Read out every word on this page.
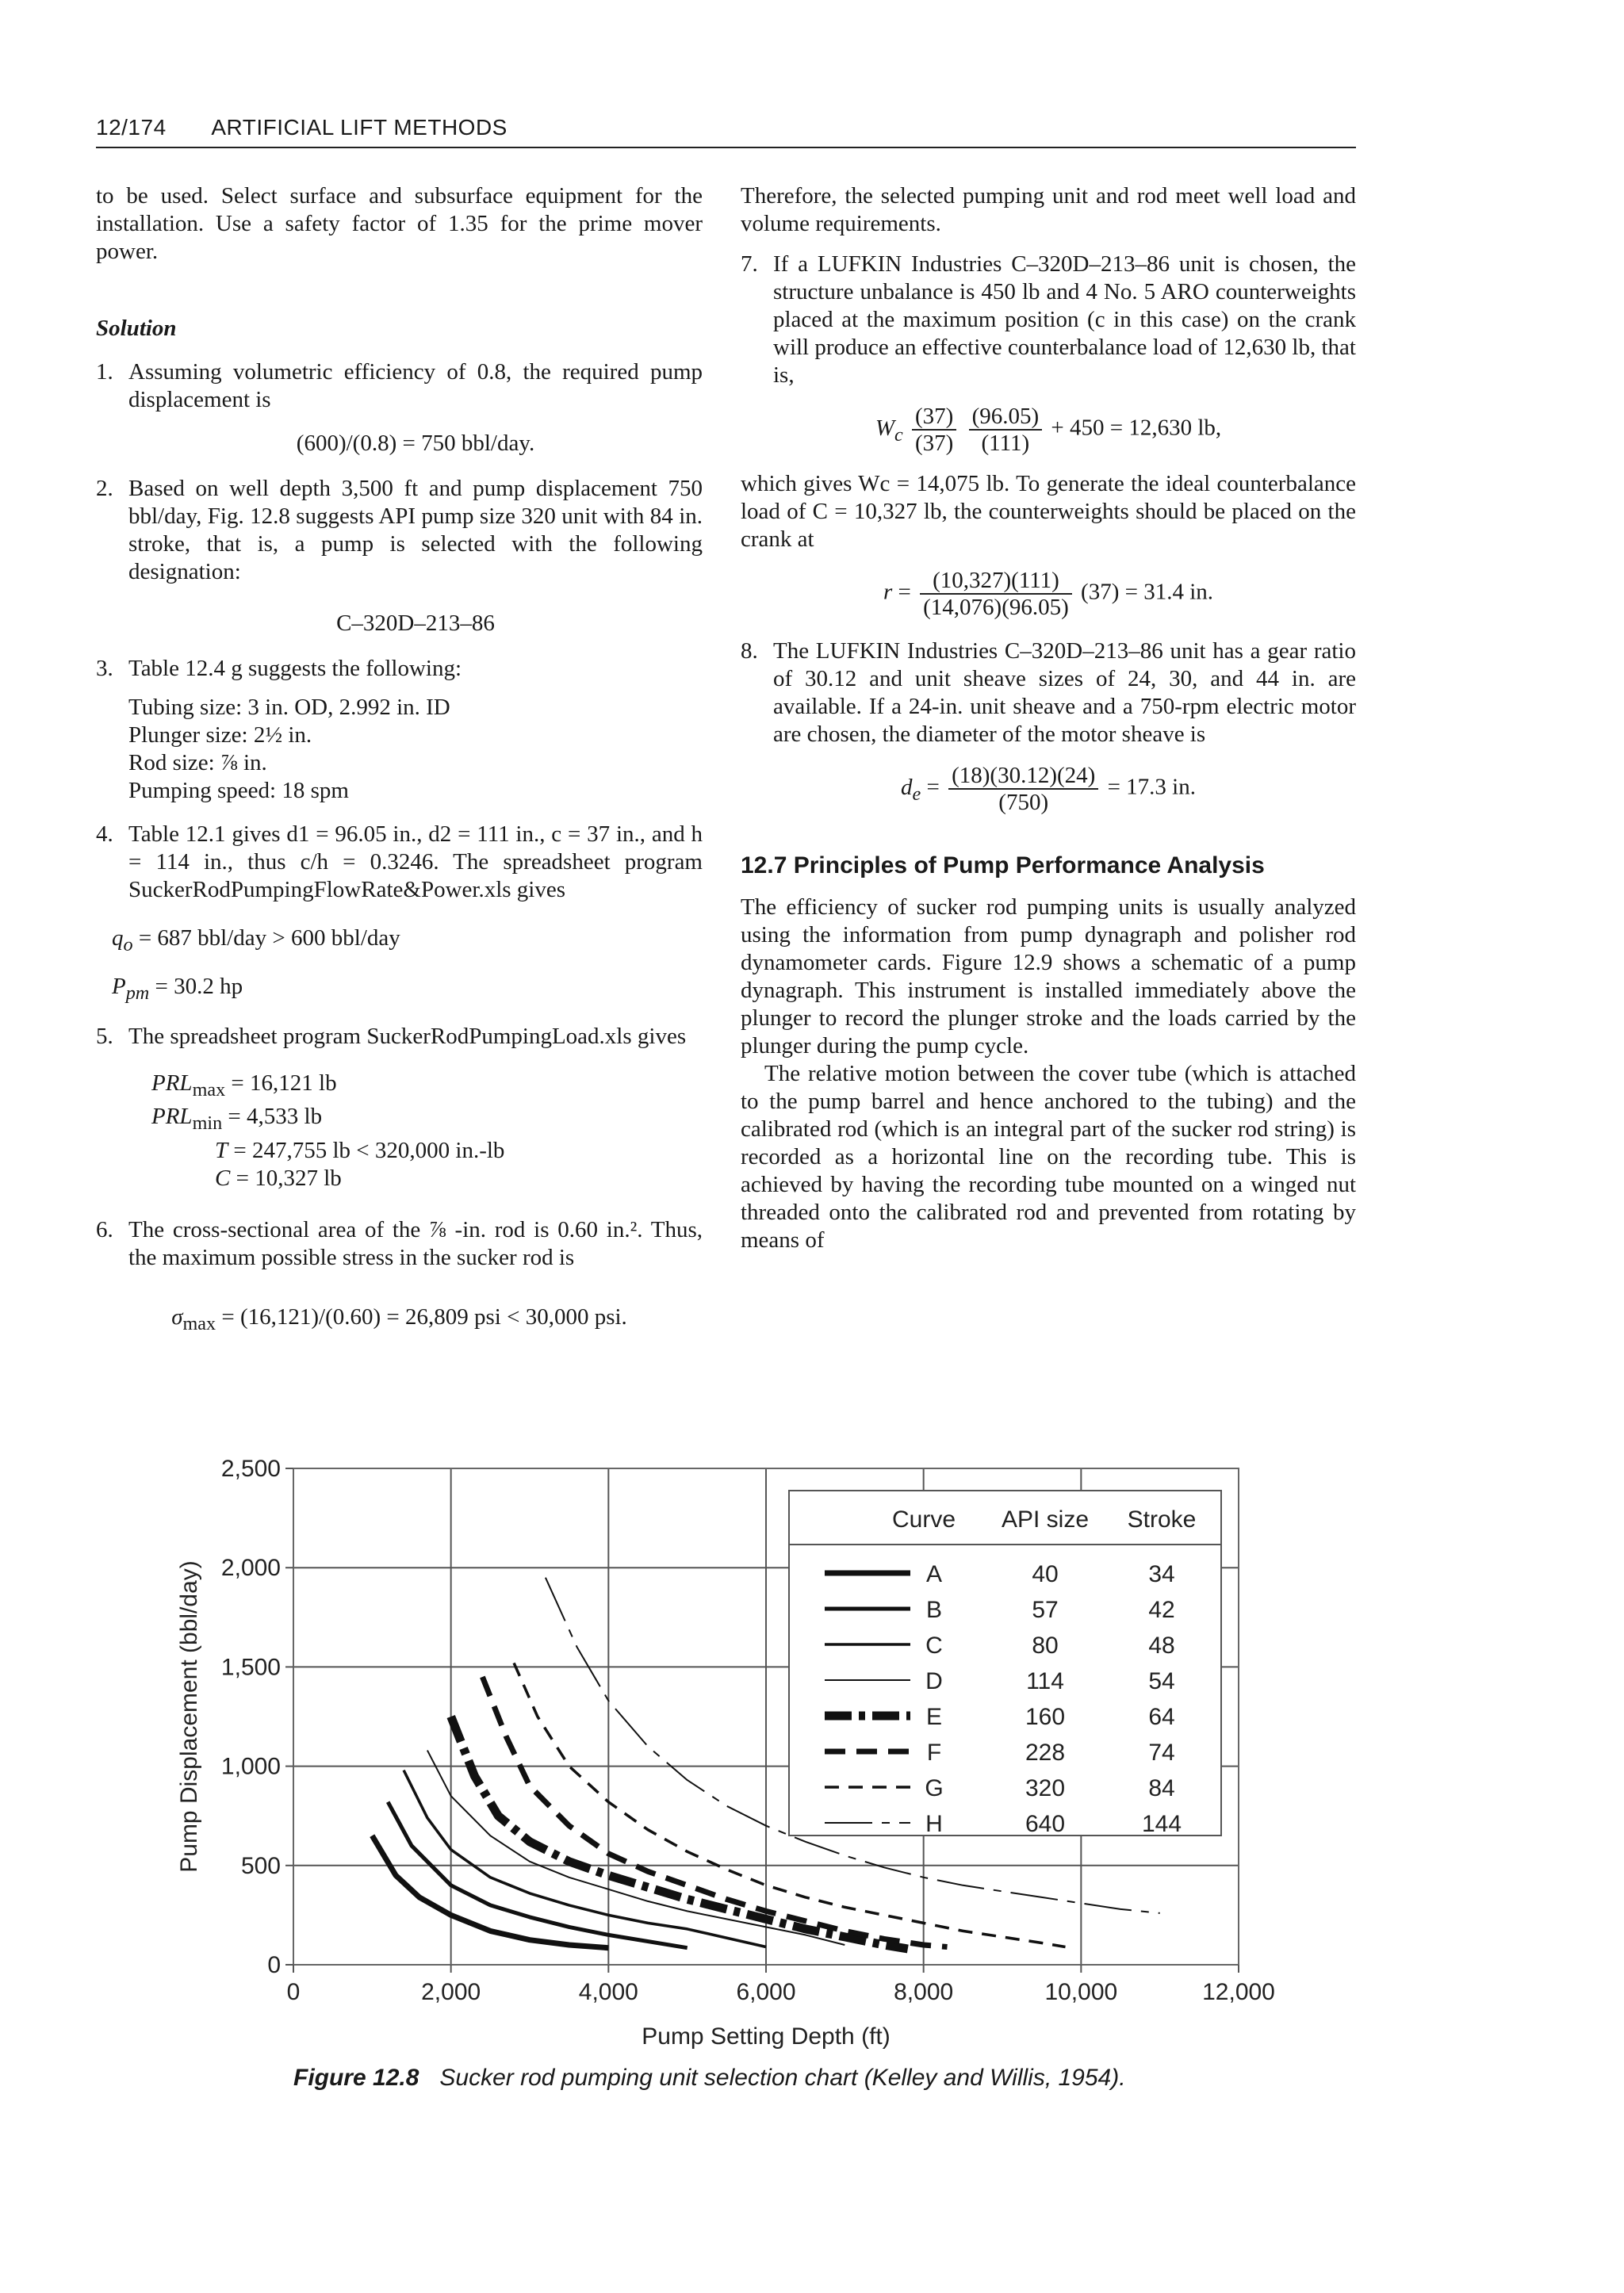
12/174 ARTIFICIAL LIFT METHODS

to be used. Select surface and subsurface equipment for the installation. Use a safety factor of 1.35 for the prime mover power.

Solution

1. Assuming volumetric efficiency of 0.8, the required pump displacement is
(600)/(0.8) = 750 bbl/day.
2. Based on well depth 3,500 ft and pump displacement 750 bbl/day, Fig. 12.8 suggests API pump size 320 unit with 84 in. stroke, that is, a pump is selected with the following designation:
C–320D–213–86
3. Table 12.4 g suggests the following:
Tubing size: 3 in. OD, 2.992 in. ID
Plunger size: 2½ in.
Rod size: ⅞ in.
Pumping speed: 18 spm
4. Table 12.1 gives d1 = 96.05 in., d2 = 111 in., c = 37 in., and h = 114 in., thus c/h = 0.3246. The spreadsheet program SuckerRodPumpingFlowRate&Power.xls gives
$q_o = 687$ bbl/day > 600 bbl/day
$P_{pm} = 30.2$ hp
5. The spreadsheet program SuckerRodPumpingLoad.xls gives
$PRL_{max} = 16,121$ lb
$PRL_{min} = 4,533$ lb
T = 247,755 lb < 320,000 in.-lb
C = 10,327 lb
6. The cross-sectional area of the ⅞ -in. rod is 0.60 in.². Thus, the maximum possible stress in the sucker rod is
$\sigma_{max} = (16,121)/(0.60) = 26,809$ psi < 30,000 psi.

Therefore, the selected pumping unit and rod meet well load and volume requirements.

7. If a LUFKIN Industries C–320D–213–86 unit is chosen, the structure unbalance is 450 lb and 4 No. 5 ARO counterweights placed at the maximum position (c in this case) on the crank will produce an effective counterbalance load of 12,630 lb, that is,
$W_c \frac{(37)}{(37)}$
$\frac{(96.05)}{(111)} + 450 = 12,630$ lb,

which gives Wc = 14,075 lb. To generate the ideal counterbalance load of C = 10,327 lb, the counterweights should be placed on the crank at

$r = \frac{(10,327)(111)}{(14,076)(96.05)} (37) = 31.4$ in.
8. The LUFKIN Industries C–320D–213–86 unit has a gear ratio of 30.12 and unit sheave sizes of 24, 30, and 44 in. are available. If a 24-in. unit sheave and a 750-rpm electric motor are chosen, the diameter of the motor sheave is
$d_e = \frac{(18)(30.12)(24)}{(750)} = 17.3$ in.

12.7 Principles of Pump Performance Analysis

The efficiency of sucker rod pumping units is usually analyzed using the information from pump dynagraph and polisher rod dynamometer cards. Figure 12.9 shows a schematic of a pump dynagraph. This instrument is installed immediately above the plunger to record the plunger stroke and the loads carried by the plunger during the pump cycle.

The relative motion between the cover tube (which is attached to the pump barrel and hence anchored to the tubing) and the calibrated rod (which is an integral part of the sucker rod string) is recorded as a horizontal line on the recording tube. This is achieved by having the recording tube mounted on a winged nut threaded onto the calibrated rod and prevented from rotating by means of

0	2,000	4,000	6,000	8,000	10,000	12,000
0
500
1,000
1,500
2,000
2,500
Curve API size Stroke
A	40	34
B	57	42
C	80	48
D	114	54
E	160	64
F	228	74
G	320	84
H	640	144
Pump Setting Depth (ft)
Pump Displacement (bbl/day)
Figure 12.8 Sucker rod pumping unit selection chart (Kelley and Willis, 1954).
